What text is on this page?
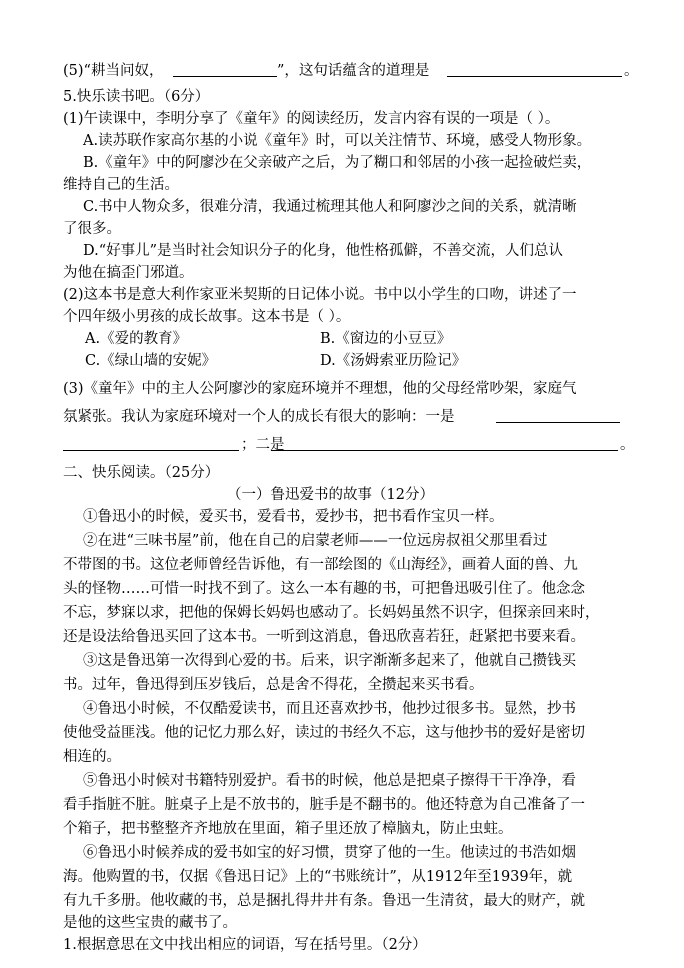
(5)“耕当问奴，	”，这句话蕴含的道理是	。
5.快乐读书吧。（6分）
(1)午读课中，李明分享了《童年》的阅读经历，发言内容有误的一项是（ ）。
A.读苏联作家高尔基的小说《童年》时，可以关注情节、环境，感受人物形象。
B.《童年》中的阿廖沙在父亲破产之后，为了糊口和邻居的小孩一起捡破烂卖，
维持自己的生活。
C.书中人物众多，很难分清，我通过梳理其他人和阿廖沙之间的关系，就清晰
了很多。
D.“好事儿”是当时社会知识分子的化身，他性格孤僻，不善交流，人们总认
为他在搞歪门邪道。
(2)这本书是意大利作家亚米契斯的日记体小说。书中以小学生的口吻，讲述了一
个四年级小男孩的成长故事。这本书是（ ）。
A.《爱的教育》	B.《窗边的小豆豆》
C.《绿山墙的安妮》	D.《汤姆索亚历险记》
(3)《童年》中的主人公阿廖沙的家庭环境并不理想，他的父母经常吵架，家庭气
氛紧张。我认为家庭环境对一个人的成长有很大的影响：一是
；二是	。
二、快乐阅读。（25分）
（一）鲁迅爱书的故事（12分）
①鲁迅小的时候，爱买书，爱看书，爱抄书，把书看作宝贝一样。
②在进“三味书屋”前，他在自己的启蒙老师——一位远房叔祖父那里看过
不带图的书。这位老师曾经告诉他，有一部绘图的《山海经》，画着人面的兽、九
头的怪物……可惜一时找不到了。这么一本有趣的书，可把鲁迅吸引住了。他念念
不忘，梦寐以求，把他的保姆长妈妈也感动了。长妈妈虽然不识字，但探亲回来时，
还是设法给鲁迅买回了这本书。一听到这消息，鲁迅欣喜若狂，赶紧把书要来看。
③这是鲁迅第一次得到心爱的书。后来，识字渐渐多起来了，他就自己攒钱买
书。过年，鲁迅得到压岁钱后，总是舍不得花，全攒起来买书看。
④鲁迅小时候，不仅酷爱读书，而且还喜欢抄书，他抄过很多书。显然，抄书
使他受益匪浅。他的记忆力那么好，读过的书经久不忘，这与他抄书的爱好是密切
相连的。
⑤鲁迅小时候对书籍特别爱护。看书的时候，他总是把桌子擦得干干净净，看
看手指脏不脏。脏桌子上是不放书的，脏手是不翻书的。他还特意为自己准备了一
个箱子，把书整整齐齐地放在里面，箱子里还放了樟脑丸，防止虫蛀。
⑥鲁迅小时候养成的爱书如宝的好习惯，贯穿了他的一生。他读过的书浩如烟
海。他购置的书，仅据《鲁迅日记》上的“书账统计”，从1912年至1939年，就
有九千多册。他收藏的书，总是捆扎得井井有条。鲁迅一生清贫，最大的财产，就
是他的这些宝贵的藏书了。
1.根据意思在文中找出相应的词语，写在括号里。（2分）
